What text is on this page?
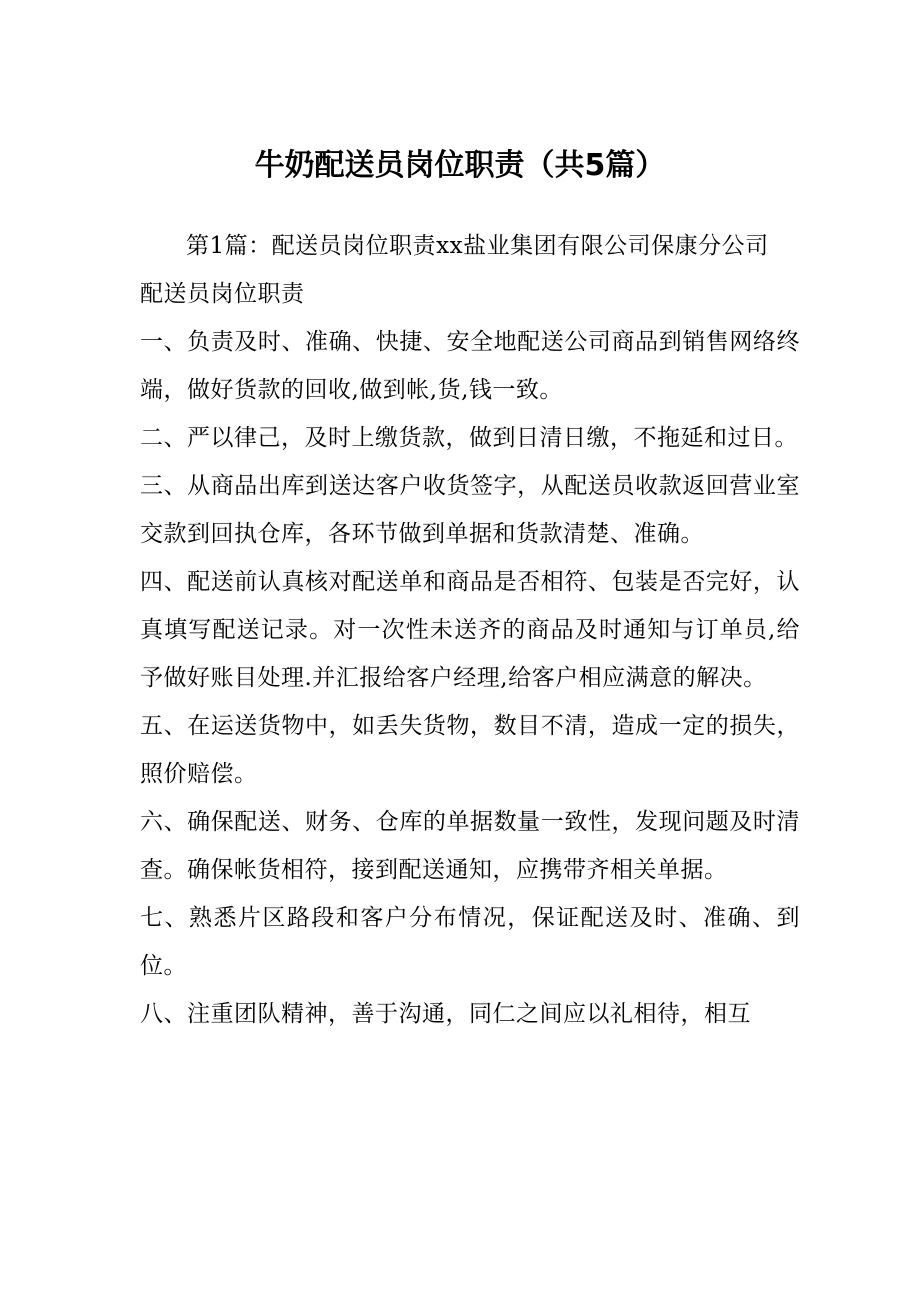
牛奶配送员岗位职责（共5篇）

第1篇：配送员岗位职责xx盐业集团有限公司保康分公司

配送员岗位职责

一、负责及时、准确、快捷、安全地配送公司商品到销售网络终端，做好货款的回收,做到帐,货,钱一致。

二、严以律己，及时上缴货款，做到日清日缴，不拖延和过日。

三、从商品出库到送达客户收货签字，从配送员收款返回营业室交款到回执仓库，各环节做到单据和货款清楚、准确。

四、配送前认真核对配送单和商品是否相符、包装是否完好，认真填写配送记录。对一次性未送齐的商品及时通知与订单员,给予做好账目处理.并汇报给客户经理,给客户相应满意的解决。

五、在运送货物中，如丢失货物，数目不清，造成一定的损失，照价赔偿。

六、确保配送、财务、仓库的单据数量一致性，发现问题及时清查。确保帐货相符，接到配送通知，应携带齐相关单据。

七、熟悉片区路段和客户分布情况，保证配送及时、准确、到位。

八、注重团队精神，善于沟通，同仁之间应以礼相待，相互
